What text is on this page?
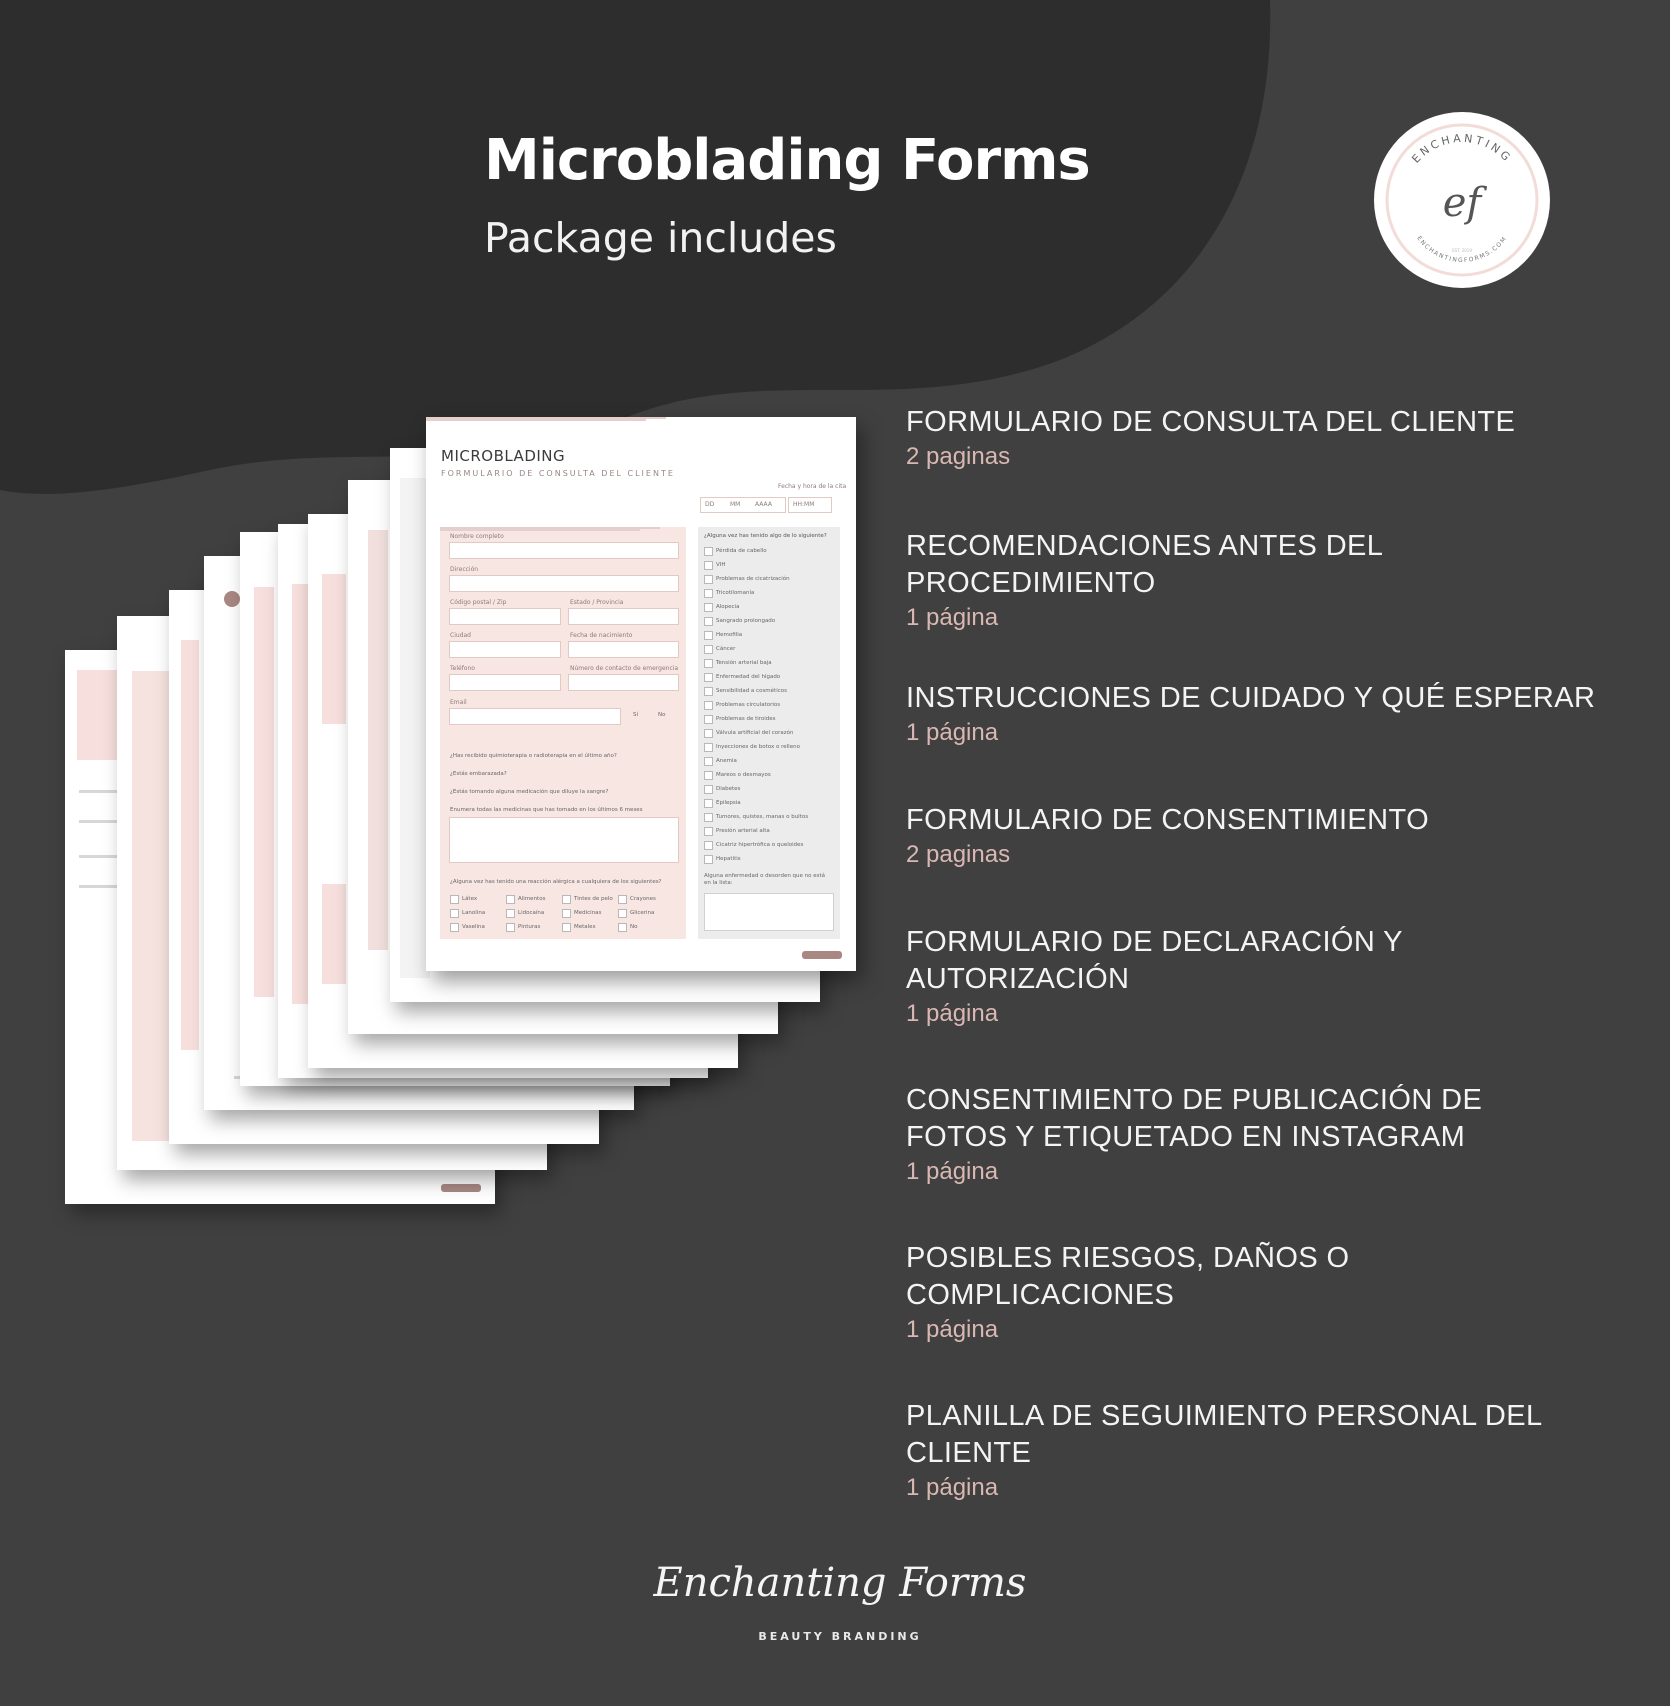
Microblading Forms
Package includes
ENCHANTING
ENCHANTINGFORMS.COM
EST. 2019
ef
MICROBLADING
FORMULARIO DE CONSULTA DEL CLIENTE
Fecha y hora de la cita
DD	MM AAAA	HH:MM
Nombre completo
Dirección
Código postal / Zip	Estado / Provincia
Ciudad	Fecha de nacimiento
Teléfono	Número de contacto de emergencia
Email
Sí	No
¿Has recibido quimioterapia o radioterapia en el último año?
¿Estás embarazada?
¿Estás tomando alguna medicación que diluye la sangre?
Enumera todas las medicinas que has tomado en los últimos 6 meses
¿Alguna vez has tenido una reacción alérgica a cualquiera de los siguientes?
Látex	Alimentos	Tintes de pelo	Crayones
Lanolina	Lidocaína	Medicinas	Glicerina
Vaselina	Pinturas	Metales	No
¿Alguna vez has tenido algo de lo siguiente?
Pérdida de cabello
VIH
Problemas de cicatrización
Tricotilomanía
Alopecia
Sangrado prolongado
Hemofilia
Cáncer
Tensión arterial baja
Enfermedad del hígado
Sensibilidad a cosméticos
Problemas circulatorios
Problemas de tiroides
Válvula artificial del corazón
Inyecciones de botox o relleno
Anemia
Mareos o desmayos
Diabetes
Epilepsia
Tumores, quistes, manas o bultos
Presión arterial alta
Cicatriz hipertrófica o queloides
Hepatitis
Alguna enfermedad o desorden que no está en la lista:
FORMULARIO DE CONSULTA DEL CLIENTE
2 paginas
RECOMENDACIONES ANTES DEL PROCEDIMIENTO
1 página
INSTRUCCIONES DE CUIDADO Y QUÉ ESPERAR
1 página
FORMULARIO DE CONSENTIMIENTO
2 paginas
FORMULARIO DE DECLARACIÓN Y AUTORIZACIÓN
1 página
CONSENTIMIENTO DE PUBLICACIÓN DE FOTOS Y ETIQUETADO EN INSTAGRAM
1 página
POSIBLES RIESGOS, DAÑOS O COMPLICACIONES
1 página
PLANILLA DE SEGUIMIENTO PERSONAL DEL CLIENTE
1 página
Enchanting Forms
BEAUTY BRANDING
